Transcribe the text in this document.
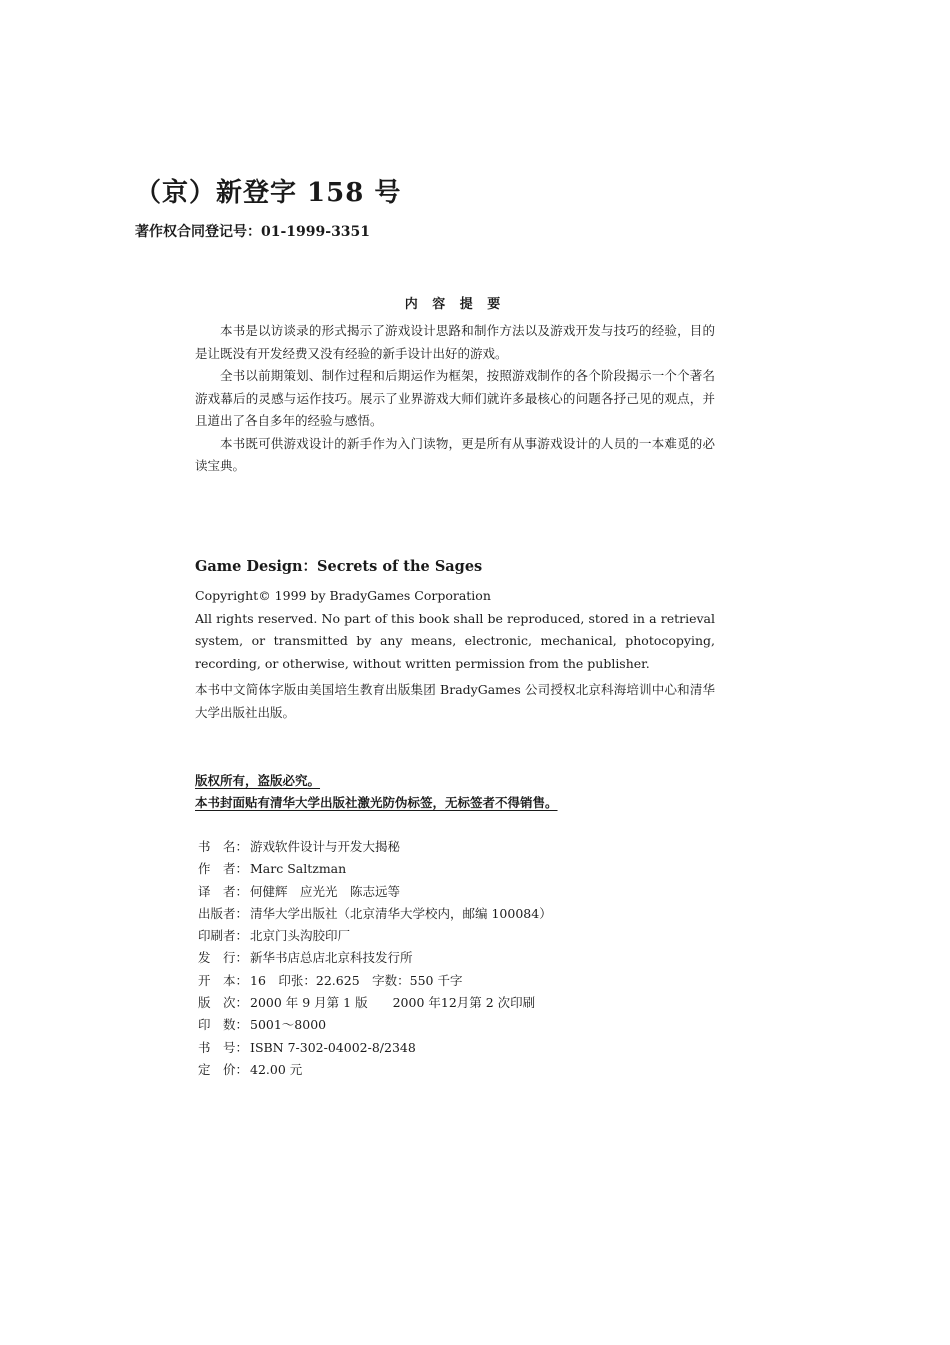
（京）新登字 158 号
著作权合同登记号：01-1999-3351
内 容 提 要

本书是以访谈录的形式揭示了游戏设计思路和制作方法以及游戏开发与技巧的经验，目的是让既没有开发经费又没有经验的新手设计出好的游戏。

全书以前期策划、制作过程和后期运作为框架，按照游戏制作的各个阶段揭示一个个著名游戏幕后的灵感与运作技巧。展示了业界游戏大师们就许多最核心的问题各抒己见的观点，并且道出了各自多年的经验与感悟。

本书既可供游戏设计的新手作为入门读物，更是所有从事游戏设计的人员的一本难觅的必读宝典。

Game Design：Secrets of the Sages
Copyright© 1999 by BradyGames Corporation
All rights reserved. No part of this book shall be reproduced, stored in a retrieval system, or transmitted by any means, electronic, mechanical, photocopying, recording, or otherwise, without written permission from the publisher.
本书中文简体字版由美国培生教育出版集团 BradyGames 公司授权北京科海培训中心和清华大学出版社出版。
版权所有，盗版必究。
本书封面贴有清华大学出版社激光防伪标签，无标签者不得销售。
书　名： 游戏软件设计与开发大揭秘
作　者： Marc Saltzman
译　者： 何健辉　应光光　陈志远等
出版者： 清华大学出版社（北京清华大学校内，邮编 100084）
印刷者： 北京门头沟胶印厂
发　行： 新华书店总店北京科技发行所
开　本： 16　印张：22.625　字数：550 千字
版　次： 2000 年 9 月第 1 版　　2000 年12月第 2 次印刷
印　数： 5001～8000
书　号： ISBN 7-302-04002-8/2348
定　价： 42.00 元
